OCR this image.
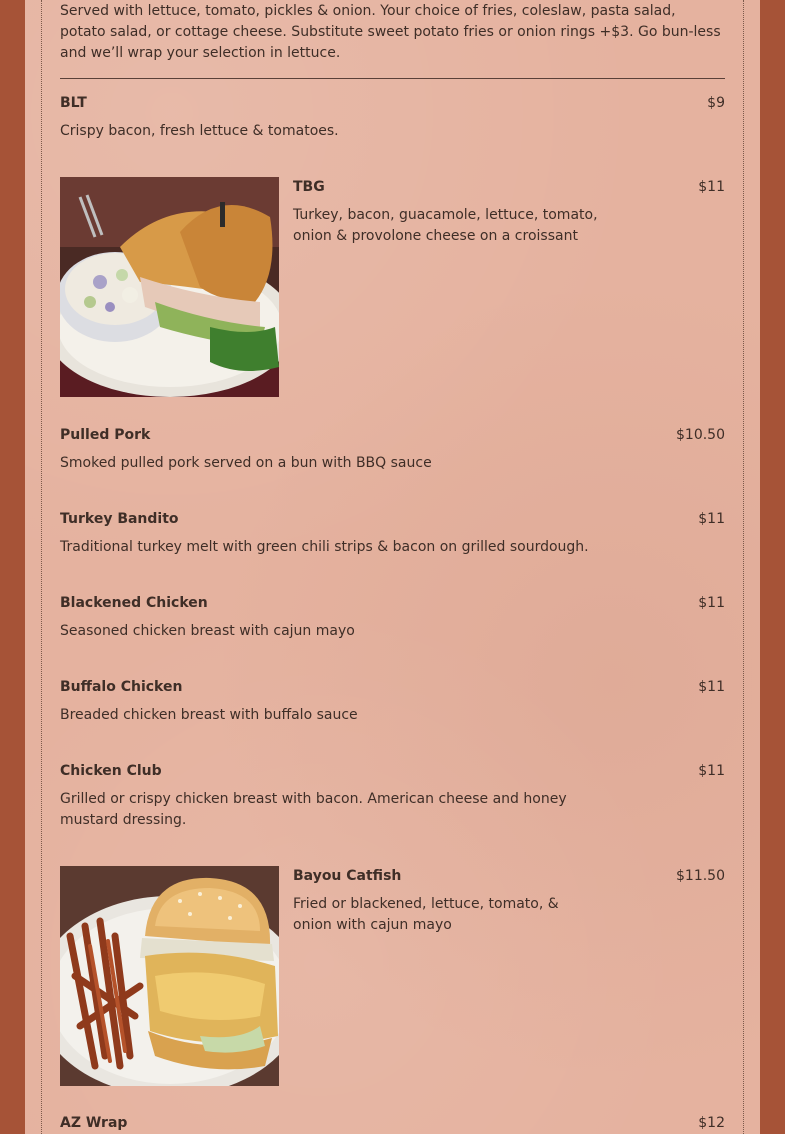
Served with lettuce, tomato, pickles & onion. Your choice of fries, coleslaw, pasta salad, potato salad, or cottage cheese. Substitute sweet potato fries or onion rings +$3. Go bun-less and we’ll wrap your selection in lettuce.

BLT	$9

Crispy bacon, fresh lettuce & tomatoes.

TBG	$11

Turkey, bacon, guacamole, lettuce, tomato, onion & provolone cheese on a croissant

Pulled Pork	$10.50

Smoked pulled pork served on a bun with BBQ sauce

Turkey Bandito	$11

Traditional turkey melt with green chili strips & bacon on grilled sourdough.

Blackened Chicken	$11

Seasoned chicken breast with cajun mayo

Buffalo Chicken	$11

Breaded chicken breast with buffalo sauce

Chicken Club	$11

Grilled or crispy chicken breast with bacon. American cheese and honey mustard dressing.

Bayou Catfish	$11.50

Fried or blackened, lettuce, tomato, & onion with cajun mayo

AZ Wrap	$12
